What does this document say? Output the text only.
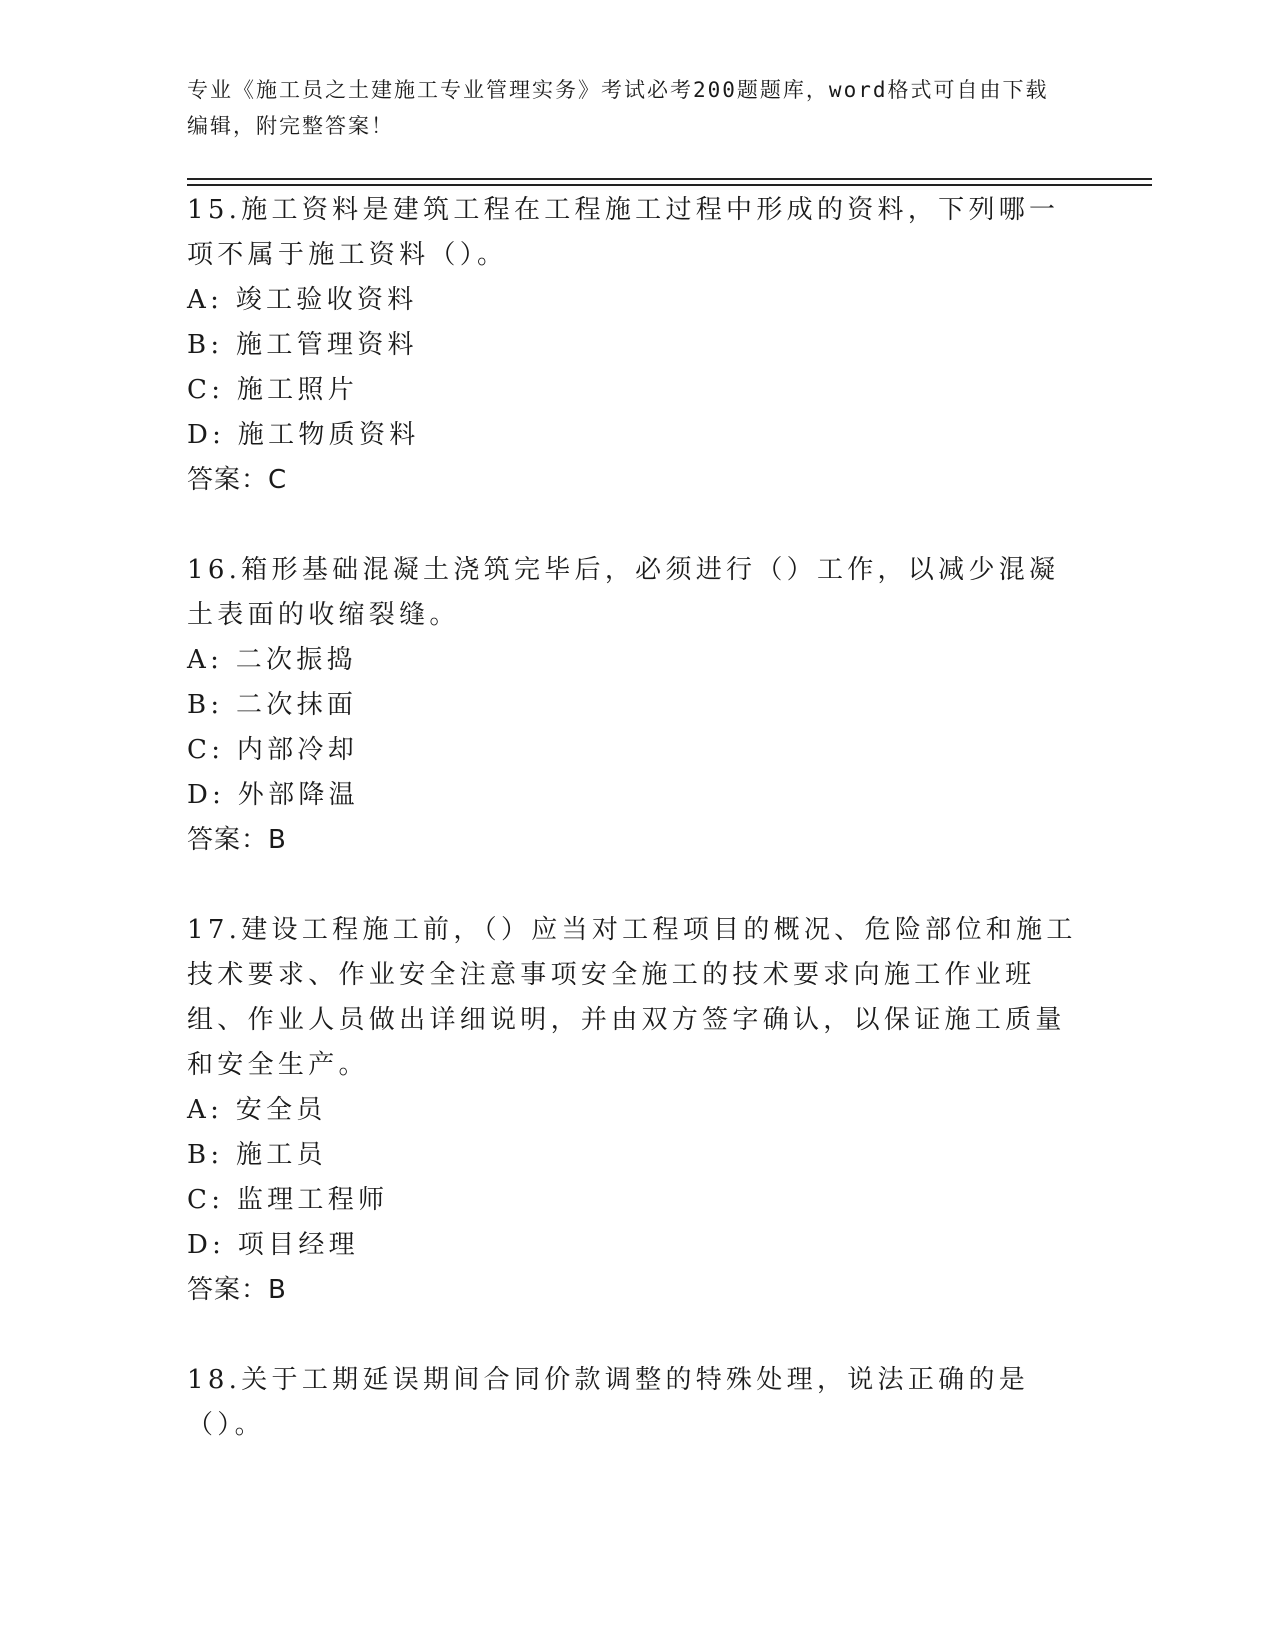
专业《施工员之土建施工专业管理实务》考试必考200题题库，word格式可自由下载编辑，附完整答案！

15.施工资料是建筑工程在工程施工过程中形成的资料，下列哪一项不属于施工资料（）。

A: 竣工验收资料

B: 施工管理资料

C: 施工照片

D: 施工物质资料

答案：C

16.箱形基础混凝土浇筑完毕后，必须进行（）工作，以减少混凝土表面的收缩裂缝。

A: 二次振捣

B: 二次抹面

C: 内部冷却

D: 外部降温

答案：B

17.建设工程施工前，（）应当对工程项目的概况、危险部位和施工技术要求、作业安全注意事项安全施工的技术要求向施工作业班组、作业人员做出详细说明，并由双方签字确认，以保证施工质量和安全生产。

A: 安全员

B: 施工员

C: 监理工程师

D: 项目经理

答案：B

18.关于工期延误期间合同价款调整的特殊处理，说法正确的是（）。
